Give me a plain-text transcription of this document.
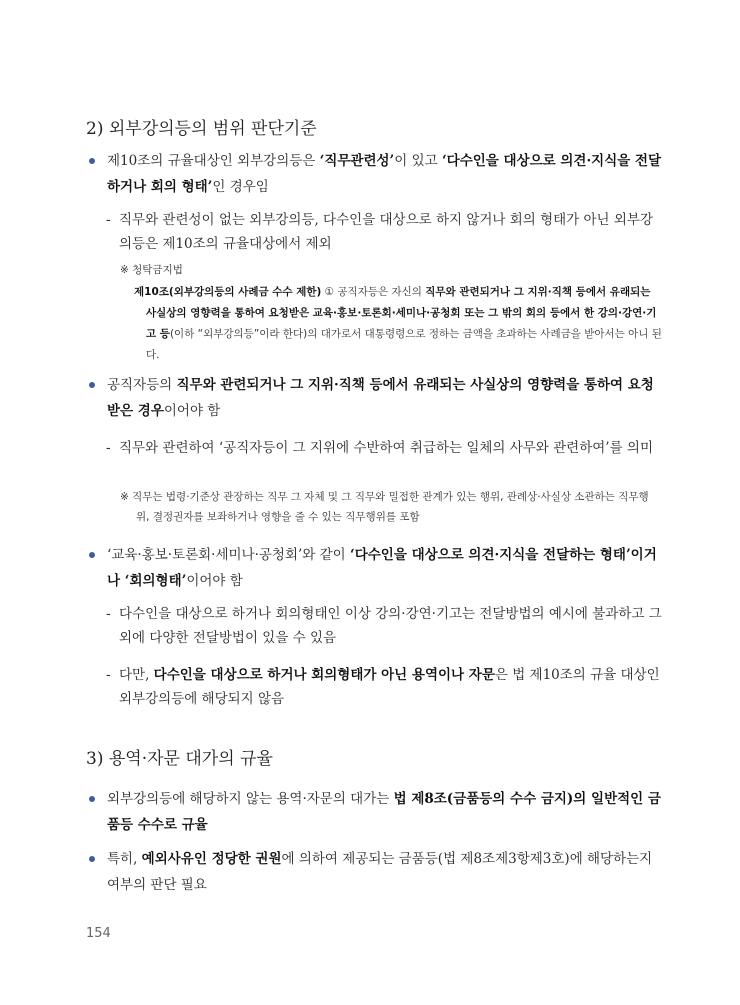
2) 외부강의등의 범위 판단기준
제10조의 규율대상인 외부강의등은 ‘직무관련성’이 있고 ‘다수인을 대상으로 의견·지식을 전달하거나 회의 형태’인 경우임
- 직무와 관련성이 없는 외부강의등, 다수인을 대상으로 하지 않거나 회의 형태가 아닌 외부강의등은 제10조의 규율대상에서 제외
※ 청탁금지법
제10조(외부강의등의 사례금 수수 제한) ① 공직자등은 자신의 직무와 관련되거나 그 지위·직책 등에서 유래되는 사실상의 영향력을 통하여 요청받은 교육·홍보·토론회·세미나·공청회 또는 그 밖의 회의 등에서 한 강의·강연·기고 등(이하 “외부강의등”이라 한다)의 대가로서 대통령령으로 정하는 금액을 초과하는 사례금을 받아서는 아니 된다.
공직자등의 직무와 관련되거나 그 지위·직책 등에서 유래되는 사실상의 영향력을 통하여 요청받은 경우이어야 함
- 직무와 관련하여 ‘공직자등이 그 지위에 수반하여 취급하는 일체의 사무와 관련하여’를 의미
※ 직무는 법령·기준상 관장하는 직무 그 자체 및 그 직무와 밀접한 관계가 있는 행위, 관례상·사실상 소관하는 직무행위, 결정권자를 보좌하거나 영향을 줄 수 있는 직무행위를 포함
‘교육·홍보·토론회·세미나·공청회’와 같이 ‘다수인을 대상으로 의견·지식을 전달하는 형태’이거나 ‘회의형태’이어야 함
- 다수인을 대상으로 하거나 회의형태인 이상 강의·강연·기고는 전달방법의 예시에 불과하고 그 외에 다양한 전달방법이 있을 수 있음
- 다만, 다수인을 대상으로 하거나 회의형태가 아닌 용역이나 자문은 법 제10조의 규율 대상인 외부강의등에 해당되지 않음
3) 용역·자문 대가의 규율
외부강의등에 해당하지 않는 용역·자문의 대가는 법 제8조(금품등의 수수 금지)의 일반적인 금품등 수수로 규율
특히, 예외사유인 정당한 권원에 의하여 제공되는 금품등(법 제8조제3항제3호)에 해당하는지 여부의 판단 필요
154
